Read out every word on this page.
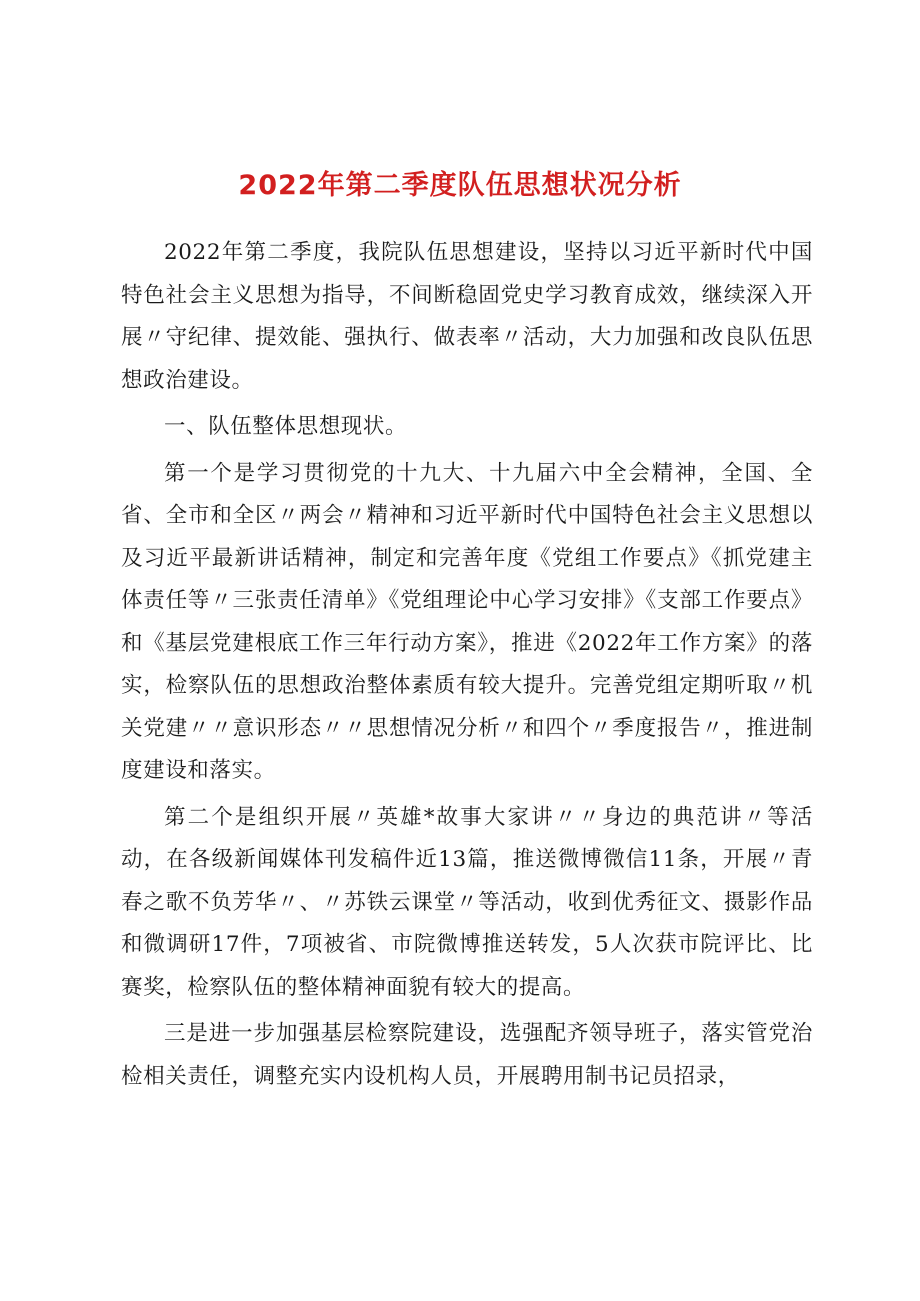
2022年第二季度队伍思想状况分析

2022年第二季度，我院队伍思想建设，坚持以习近平新时代中国特色社会主义思想为指导，不间断稳固党史学习教育成效，继续深入开展〃守纪律、提效能、强执行、做表率〃活动，大力加强和改良队伍思想政治建设。

一、队伍整体思想现状。

第一个是学习贯彻党的十九大、十九届六中全会精神，全国、全省、全市和全区〃两会〃精神和习近平新时代中国特色社会主义思想以及习近平最新讲话精神，制定和完善年度《党组工作要点》《抓党建主体责任等〃三张责任清单》《党组理论中心学习安排》《支部工作要点》和《基层党建根底工作三年行动方案》，推进《2022年工作方案》的落实，检察队伍的思想政治整体素质有较大提升。完善党组定期听取〃机关党建〃〃意识形态〃〃思想情况分析〃和四个〃季度报告〃，推进制度建设和落实。

第二个是组织开展〃英雄*故事大家讲〃〃身边的典范讲〃等活动，在各级新闻媒体刊发稿件近13篇，推送微博微信11条，开展〃青春之歌不负芳华〃、〃苏铁云课堂〃等活动，收到优秀征文、摄影作品和微调研17件，7项被省、市院微博推送转发，5人次获市院评比、比赛奖，检察队伍的整体精神面貌有较大的提高。

三是进一步加强基层检察院建设，选强配齐领导班子，落实管党治检相关责任，调整充实内设机构人员，开展聘用制书记员招录，
